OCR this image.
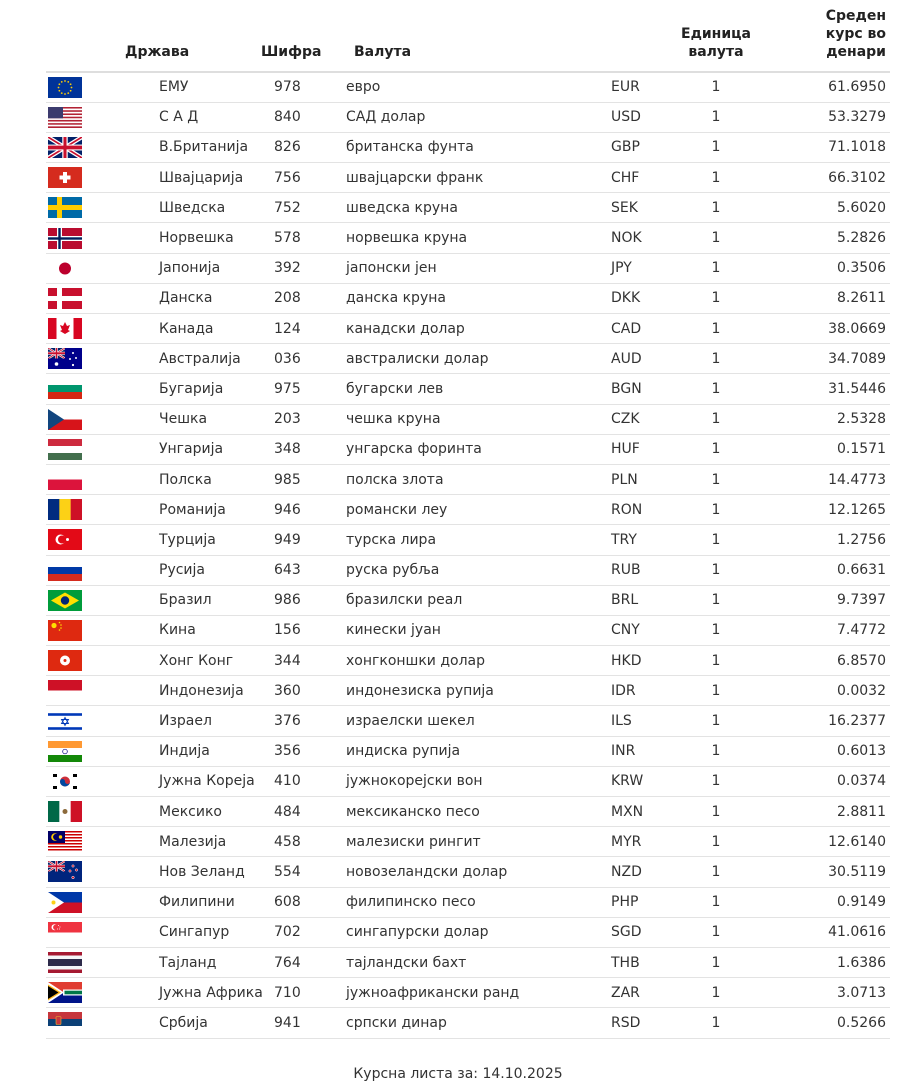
Држава		Шифра	Валута		Единица
валута	Среден
курс во
денари

	ЕМУ	978	евро	EUR	1	61.6950

	С А Д	840	САД долар	USD	1	53.3279

	В.Британија	826	британска фунта	GBP	1	71.1018

	Швајцарија	756	швајцарски франк	CHF	1	66.3102

	Шведска	752	шведска круна	SEK	1	5.6020

	Норвешка	578	норвешка круна	NOK	1	5.2826

	Јапонија	392	јапонски јен	JPY	1	0.3506

	Данска	208	данска круна	DKK	1	8.2611

	Канада	124	канадски долар	CAD	1	38.0669

	Австралија	036	австралиски долар	AUD	1	34.7089

	Бугарија	975	бугарски лев	BGN	1	31.5446

	Чешка	203	чешка круна	CZK	1	2.5328

	Унгарија	348	унгарска форинта	HUF	1	0.1571

	Полска	985	полска злота	PLN	1	14.4773

	Романија	946	романски леу	RON	1	12.1265

	Турција	949	турска лира	TRY	1	1.2756

	Русија	643	руска рубља	RUB	1	0.6631

	Бразил	986	бразилски реал	BRL	1	9.7397

	Кина	156	кинески јуан	CNY	1	7.4772

	Хонг Конг	344	хонгконшки долар	HKD	1	6.8570

	Индонезија	360	индонезиска рупија	IDR	1	0.0032

	Израел	376	израелски шекел	ILS	1	16.2377

	Индија	356	индиска рупија	INR	1	0.6013

	Јужна Кореја	410	јужнокорејски вон	KRW	1	0.0374

	Мексико	484	мексиканско песо	MXN	1	2.8811

	Малезија	458	малезиски рингит	MYR	1	12.6140

	Нов Зеланд	554	новозеландски долар	NZD	1	30.5119

	Филипини	608	филипинско песо	PHP	1	0.9149

	Сингапур	702	сингапурски долар	SGD	1	41.0616

	Тајланд	764	тајландски бахт	THB	1	1.6386

	Јужна Африка	710	јужноафрикански ранд	ZAR	1	3.0713

	Србија	941	српски динар	RSD	1	0.5266
Курсна листа за: 14.10.2025
